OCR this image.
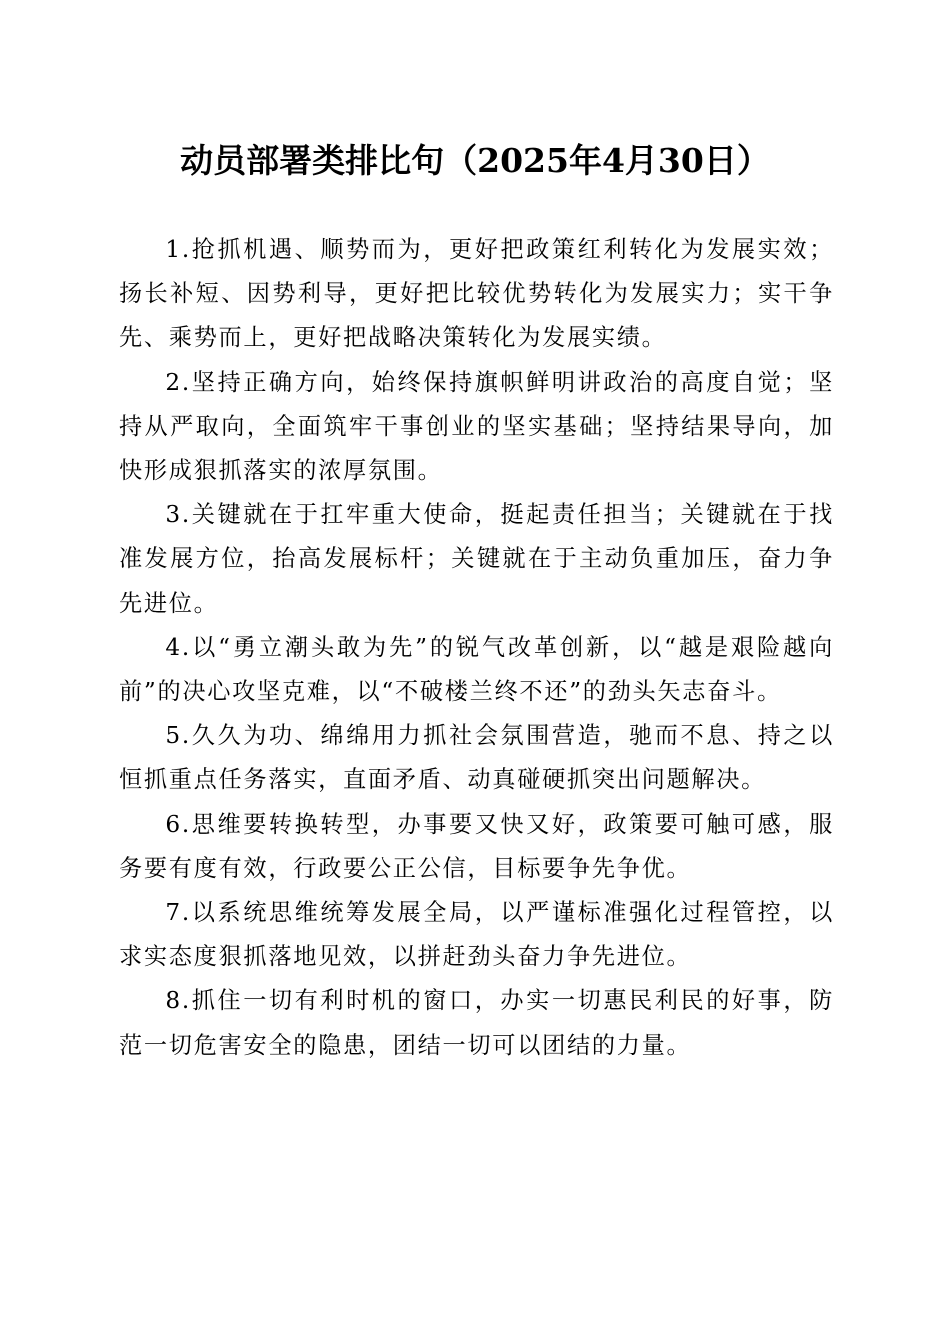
动员部署类排比句（2025年4月30日）

1.抢抓机遇、顺势而为，更好把政策红利转化为发展实效；扬长补短、因势利导，更好把比较优势转化为发展实力；实干争先、乘势而上，更好把战略决策转化为发展实绩。

2.坚持正确方向，始终保持旗帜鲜明讲政治的高度自觉；坚持从严取向，全面筑牢干事创业的坚实基础；坚持结果导向，加快形成狠抓落实的浓厚氛围。

3.关键就在于扛牢重大使命，挺起责任担当；关键就在于找准发展方位，抬高发展标杆；关键就在于主动负重加压，奋力争先进位。

4.以“勇立潮头敢为先”的锐气改革创新，以“越是艰险越向前”的决心攻坚克难，以“不破楼兰终不还”的劲头矢志奋斗。

5.久久为功、绵绵用力抓社会氛围营造，驰而不息、持之以恒抓重点任务落实，直面矛盾、动真碰硬抓突出问题解决。

6.思维要转换转型，办事要又快又好，政策要可触可感，服务要有度有效，行政要公正公信，目标要争先争优。

7.以系统思维统筹发展全局，以严谨标准强化过程管控，以求实态度狠抓落地见效，以拼赶劲头奋力争先进位。

8.抓住一切有利时机的窗口，办实一切惠民利民的好事，防范一切危害安全的隐患，团结一切可以团结的力量。
